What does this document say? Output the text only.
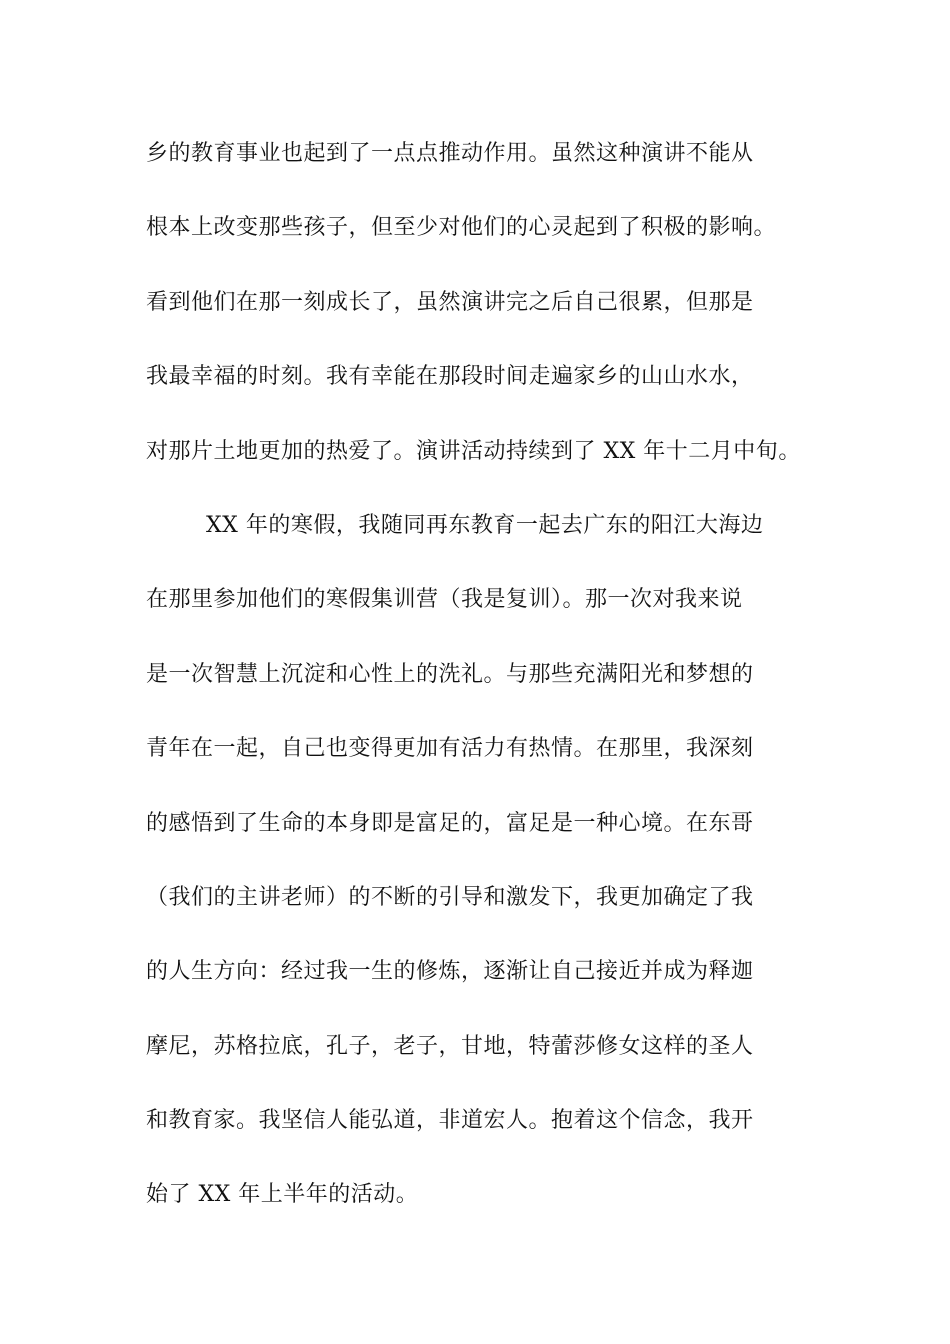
乡的教育事业也起到了一点点推动作用。虽然这种演讲不能从
根本上改变那些孩子，但至少对他们的心灵起到了积极的影响。
看到他们在那一刻成长了，虽然演讲完之后自己很累，但那是
我最幸福的时刻。我有幸能在那段时间走遍家乡的山山水水，
对那片土地更加的热爱了。演讲活动持续到了 XX 年十二月中旬。
XX 年的寒假，我随同再东教育一起去广东的阳江大海边
在那里参加他们的寒假集训营（我是复训）。那一次对我来说
是一次智慧上沉淀和心性上的洗礼。与那些充满阳光和梦想的
青年在一起，自己也变得更加有活力有热情。在那里，我深刻
的感悟到了生命的本身即是富足的，富足是一种心境。在东哥
（我们的主讲老师）的不断的引导和激发下，我更加确定了我
的人生方向：经过我一生的修炼，逐渐让自己接近并成为释迦
摩尼，苏格拉底，孔子，老子，甘地，特蕾莎修女这样的圣人
和教育家。我坚信人能弘道，非道宏人。抱着这个信念，我开
始了 XX 年上半年的活动。
